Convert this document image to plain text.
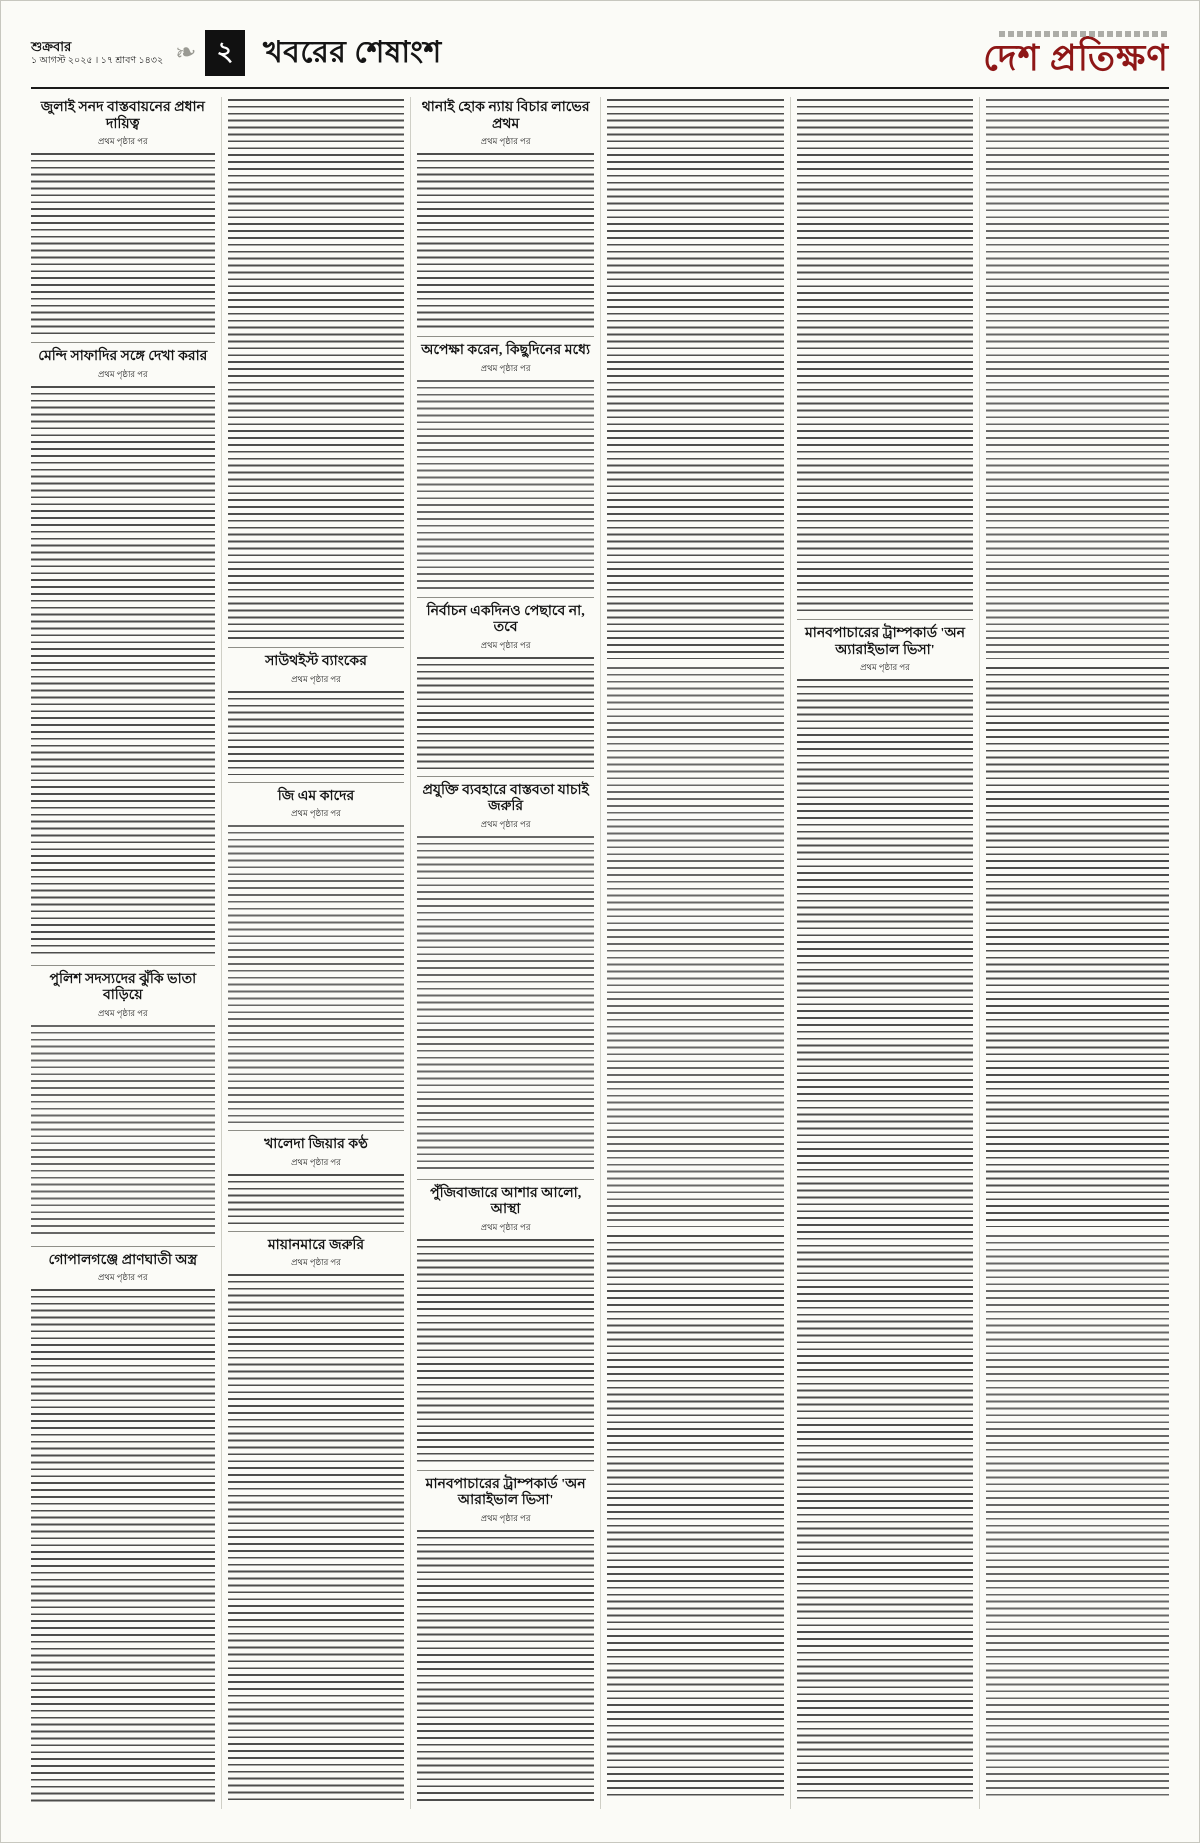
শুক্রবার
১ আগস্ট ২০২৫ । ১৭ শ্রাবণ ১৪৩২ ❧ ২ খবরের শেষাংশ	দেশ প্রতিক্ষণ
জুলাই সনদ বাস্তবায়নের প্রধান দায়িত্ব
প্রথম পৃষ্ঠার পর
মেন্দি সাফাদির সঙ্গে দেখা করার
প্রথম পৃষ্ঠার পর
পুলিশ সদস্যদের ঝুঁকি ভাতা বাড়িয়ে
প্রথম পৃষ্ঠার পর
গোপালগঞ্জে প্রাণঘাতী অস্ত্র
প্রথম পৃষ্ঠার পর
সাউথইস্ট ব্যাংকের
প্রথম পৃষ্ঠার পর
জি এম কাদের
প্রথম পৃষ্ঠার পর
খালেদা জিয়ার কণ্ঠ
প্রথম পৃষ্ঠার পর
মায়ানমারে জরুরি
প্রথম পৃষ্ঠার পর
থানাই হোক ন্যায় বিচার লাভের প্রথম
প্রথম পৃষ্ঠার পর
অপেক্ষা করেন, কিছুদিনের মধ্যে
প্রথম পৃষ্ঠার পর
নির্বাচন একদিনও পেছাবে না, তবে
প্রথম পৃষ্ঠার পর
প্রযুক্তি ব্যবহারে বাস্তবতা যাচাই জরুরি
প্রথম পৃষ্ঠার পর
পুঁজিবাজারে আশার আলো, আস্থা
প্রথম পৃষ্ঠার পর
মানবপাচারের ট্রাম্পকার্ড 'অন আরাইভাল ভিসা'
প্রথম পৃষ্ঠার পর
মানবপাচারের ট্রাম্পকার্ড 'অন অ্যারাইভাল ভিসা'
প্রথম পৃষ্ঠার পর
